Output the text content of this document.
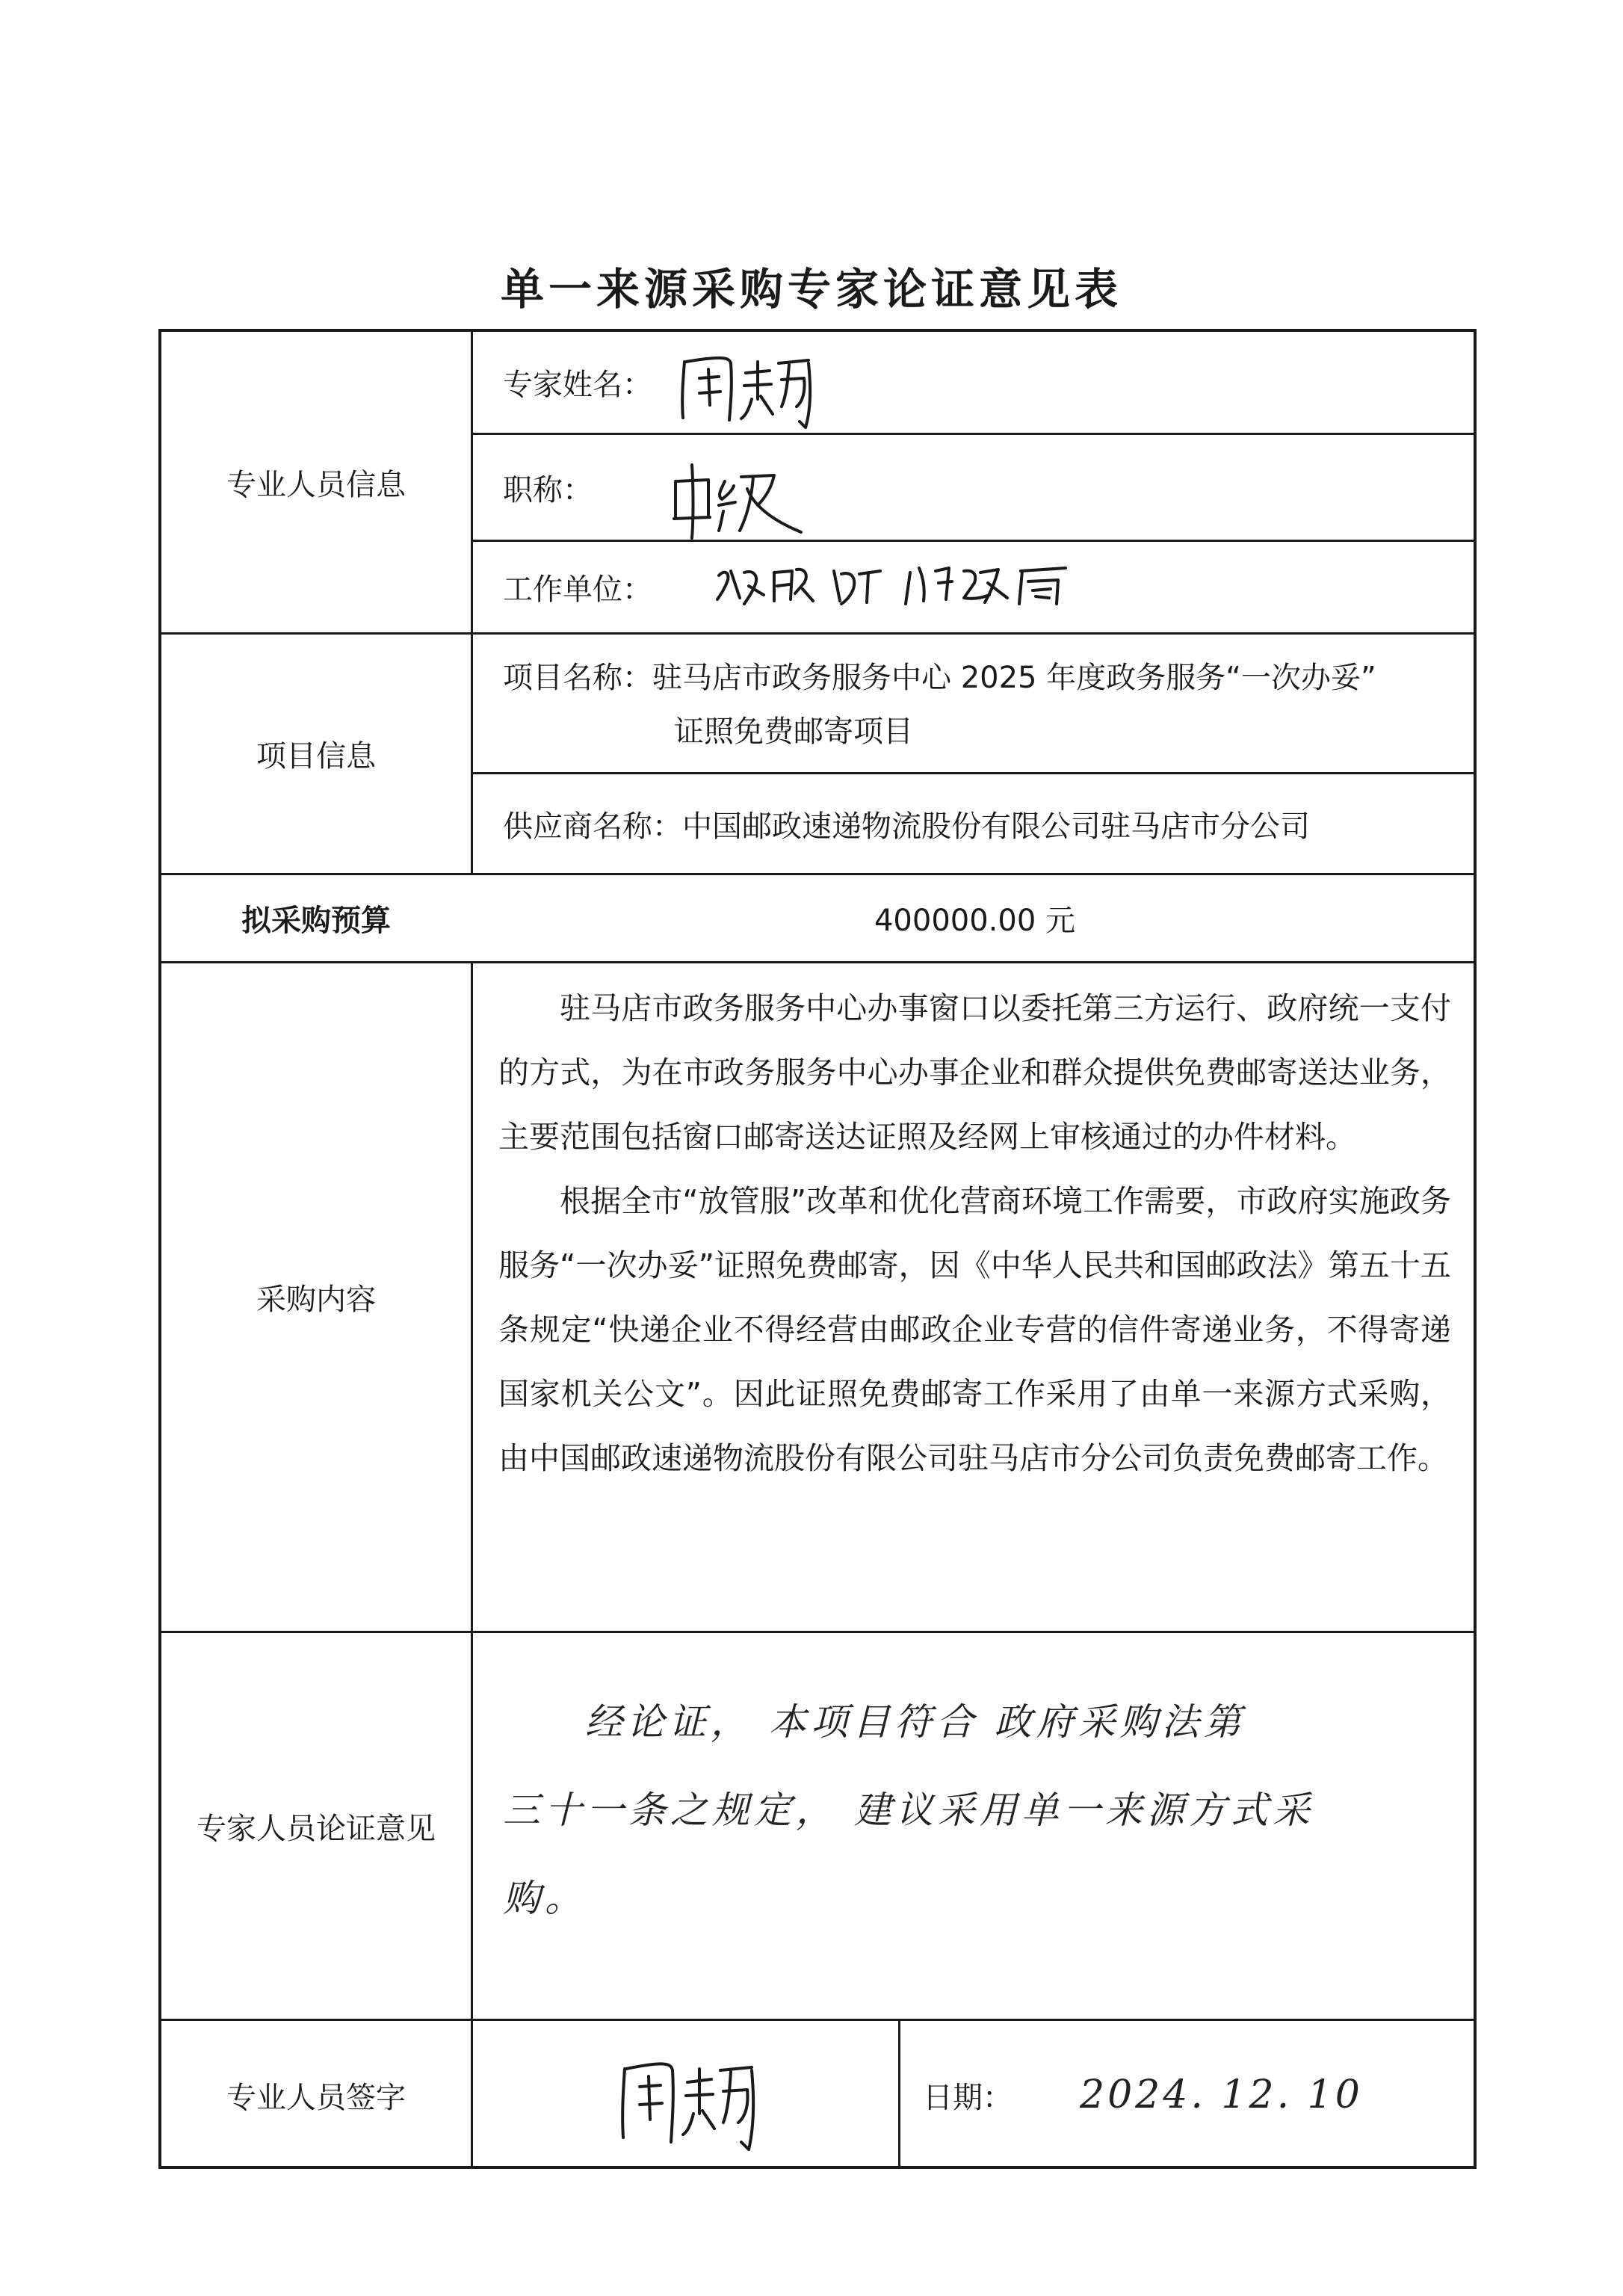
单一来源采购专家论证意见表
专业人员信息
专家姓名：
职称：
工作单位：
项目信息
项目名称：驻马店市政务服务中心 2025 年度政务服务“一次办妥”
证照免费邮寄项目
供应商名称： 中国邮政速递物流股份有限公司驻马店市分公司
拟采购预算	400000.00 元
采购内容

驻马店市政务服务中心办事窗口以委托第三方运行、政府统一支付的方式，为在市政务服务中心办事企业和群众提供免费邮寄送达业务，主要范围包括窗口邮寄送达证照及经网上审核通过的办件材料。

根据全市“放管服”改革和优化营商环境工作需要，市政府实施政务服务“一次办妥”证照免费邮寄，因《中华人民共和国邮政法》第五十五条规定“快递企业不得经营由邮政企业专营的信件寄递业务，不得寄递国家机关公文”。因此证照免费邮寄工作采用了由单一来源方式采购，由中国邮政速递物流股份有限公司驻马店市分公司负责免费邮寄工作。

专家人员论证意见
经论证， 本项目符合 政府采购法第
三十一条之规定， 建议采用单一来源方式采
购。
专业人员签字	日期： 2024. 12. 10
